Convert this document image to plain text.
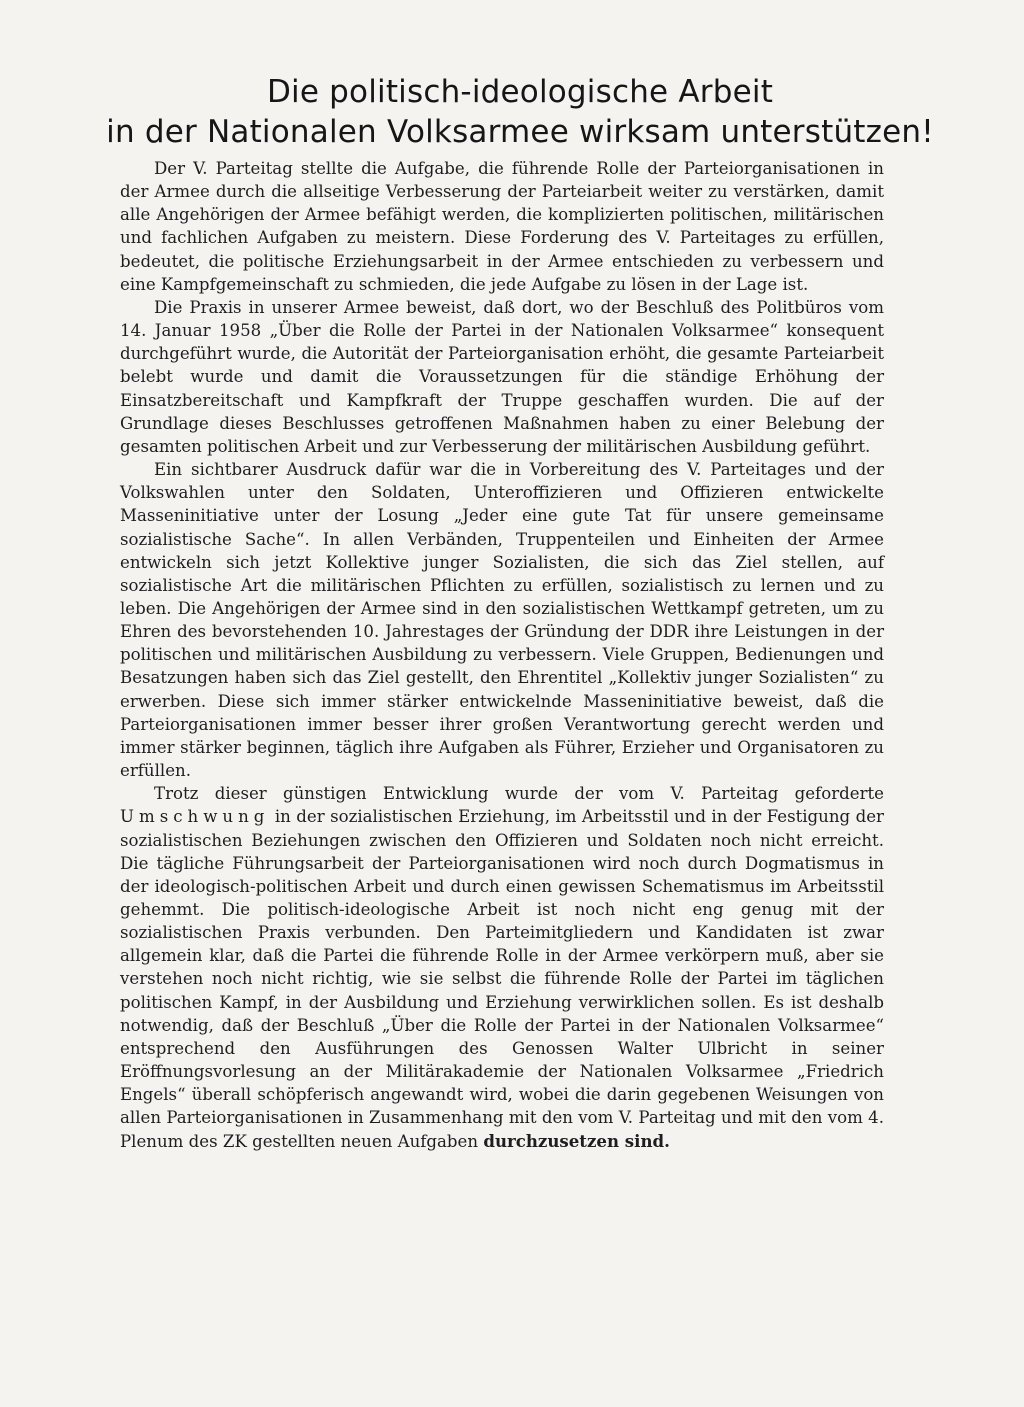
Die politisch-ideologische Arbeit
in der Nationalen Volksarmee wirksam unterstützen!

Der V. Parteitag stellte die Aufgabe, die führende Rolle der Parteiorganisationen in der Armee durch die allseitige Verbesserung der Parteiarbeit weiter zu verstärken, damit alle Angehörigen der Armee befähigt werden, die komplizierten politischen, militärischen und fachlichen Aufgaben zu meistern. Diese Forderung des V. Parteitages zu erfüllen, bedeutet, die politische Erziehungsarbeit in der Armee entschieden zu verbessern und eine Kampfgemeinschaft zu schmieden, die jede Aufgabe zu lösen in der Lage ist.

Die Praxis in unserer Armee beweist, daß dort, wo der Beschluß des Politbüros vom 14. Januar 1958 „Über die Rolle der Partei in der Nationalen Volksarmee“ konsequent durchgeführt wurde, die Autorität der Parteiorganisation erhöht, die gesamte Parteiarbeit belebt wurde und damit die Voraussetzungen für die ständige Erhöhung der Einsatzbereitschaft und Kampfkraft der Truppe geschaffen wurden. Die auf der Grundlage dieses Beschlusses getroffenen Maßnahmen haben zu einer Belebung der gesamten politischen Arbeit und zur Verbesserung der militärischen Ausbildung geführt.

Ein sichtbarer Ausdruck dafür war die in Vorbereitung des V. Parteitages und der Volkswahlen unter den Soldaten, Unteroffizieren und Offizieren entwickelte Masseninitiative unter der Losung „Jeder eine gute Tat für unsere gemeinsame sozialistische Sache“. In allen Verbänden, Truppenteilen und Einheiten der Armee entwickeln sich jetzt Kollektive junger Sozialisten, die sich das Ziel stellen, auf sozialistische Art die militärischen Pflichten zu erfüllen, sozialistisch zu lernen und zu leben. Die Angehörigen der Armee sind in den sozialistischen Wettkampf getreten, um zu Ehren des bevorstehenden 10. Jahrestages der Gründung der DDR ihre Leistungen in der politischen und militärischen Ausbildung zu verbessern. Viele Gruppen, Bedienungen und Besatzungen haben sich das Ziel gestellt, den Ehrentitel „Kollektiv junger Sozialisten“ zu erwerben. Diese sich immer stärker entwickelnde Masseninitiative beweist, daß die Parteiorganisationen immer besser ihrer großen Verantwortung gerecht werden und immer stärker beginnen, täglich ihre Aufgaben als Führer, Erzieher und Organisatoren zu erfüllen.

Trotz dieser günstigen Entwicklung wurde der vom V. Parteitag geforderte Umschwung in der sozialistischen Erziehung, im Arbeitsstil und in der Festigung der sozialistischen Beziehungen zwischen den Offizieren und Soldaten noch nicht erreicht. Die tägliche Führungsarbeit der Parteiorganisationen wird noch durch Dogmatismus in der ideologisch-politischen Arbeit und durch einen gewissen Schematismus im Arbeitsstil gehemmt. Die politisch-ideologische Arbeit ist noch nicht eng genug mit der sozialistischen Praxis verbunden. Den Parteimitgliedern und Kandidaten ist zwar allgemein klar, daß die Partei die führende Rolle in der Armee verkörpern muß, aber sie verstehen noch nicht richtig, wie sie selbst die führende Rolle der Partei im täglichen politischen Kampf, in der Ausbildung und Erziehung verwirklichen sollen. Es ist deshalb notwendig, daß der Beschluß „Über die Rolle der Partei in der Nationalen Volksarmee“ entsprechend den Ausführungen des Genossen Walter Ulbricht in seiner Eröffnungsvorlesung an der Militärakademie der Nationalen Volksarmee „Friedrich Engels“ überall schöpferisch angewandt wird, wobei die darin gegebenen Weisungen von allen Parteiorganisationen in Zusammenhang mit den vom V. Parteitag und mit den vom 4. Plenum des ZK gestellten neuen Aufgaben durchzusetzen sind.
